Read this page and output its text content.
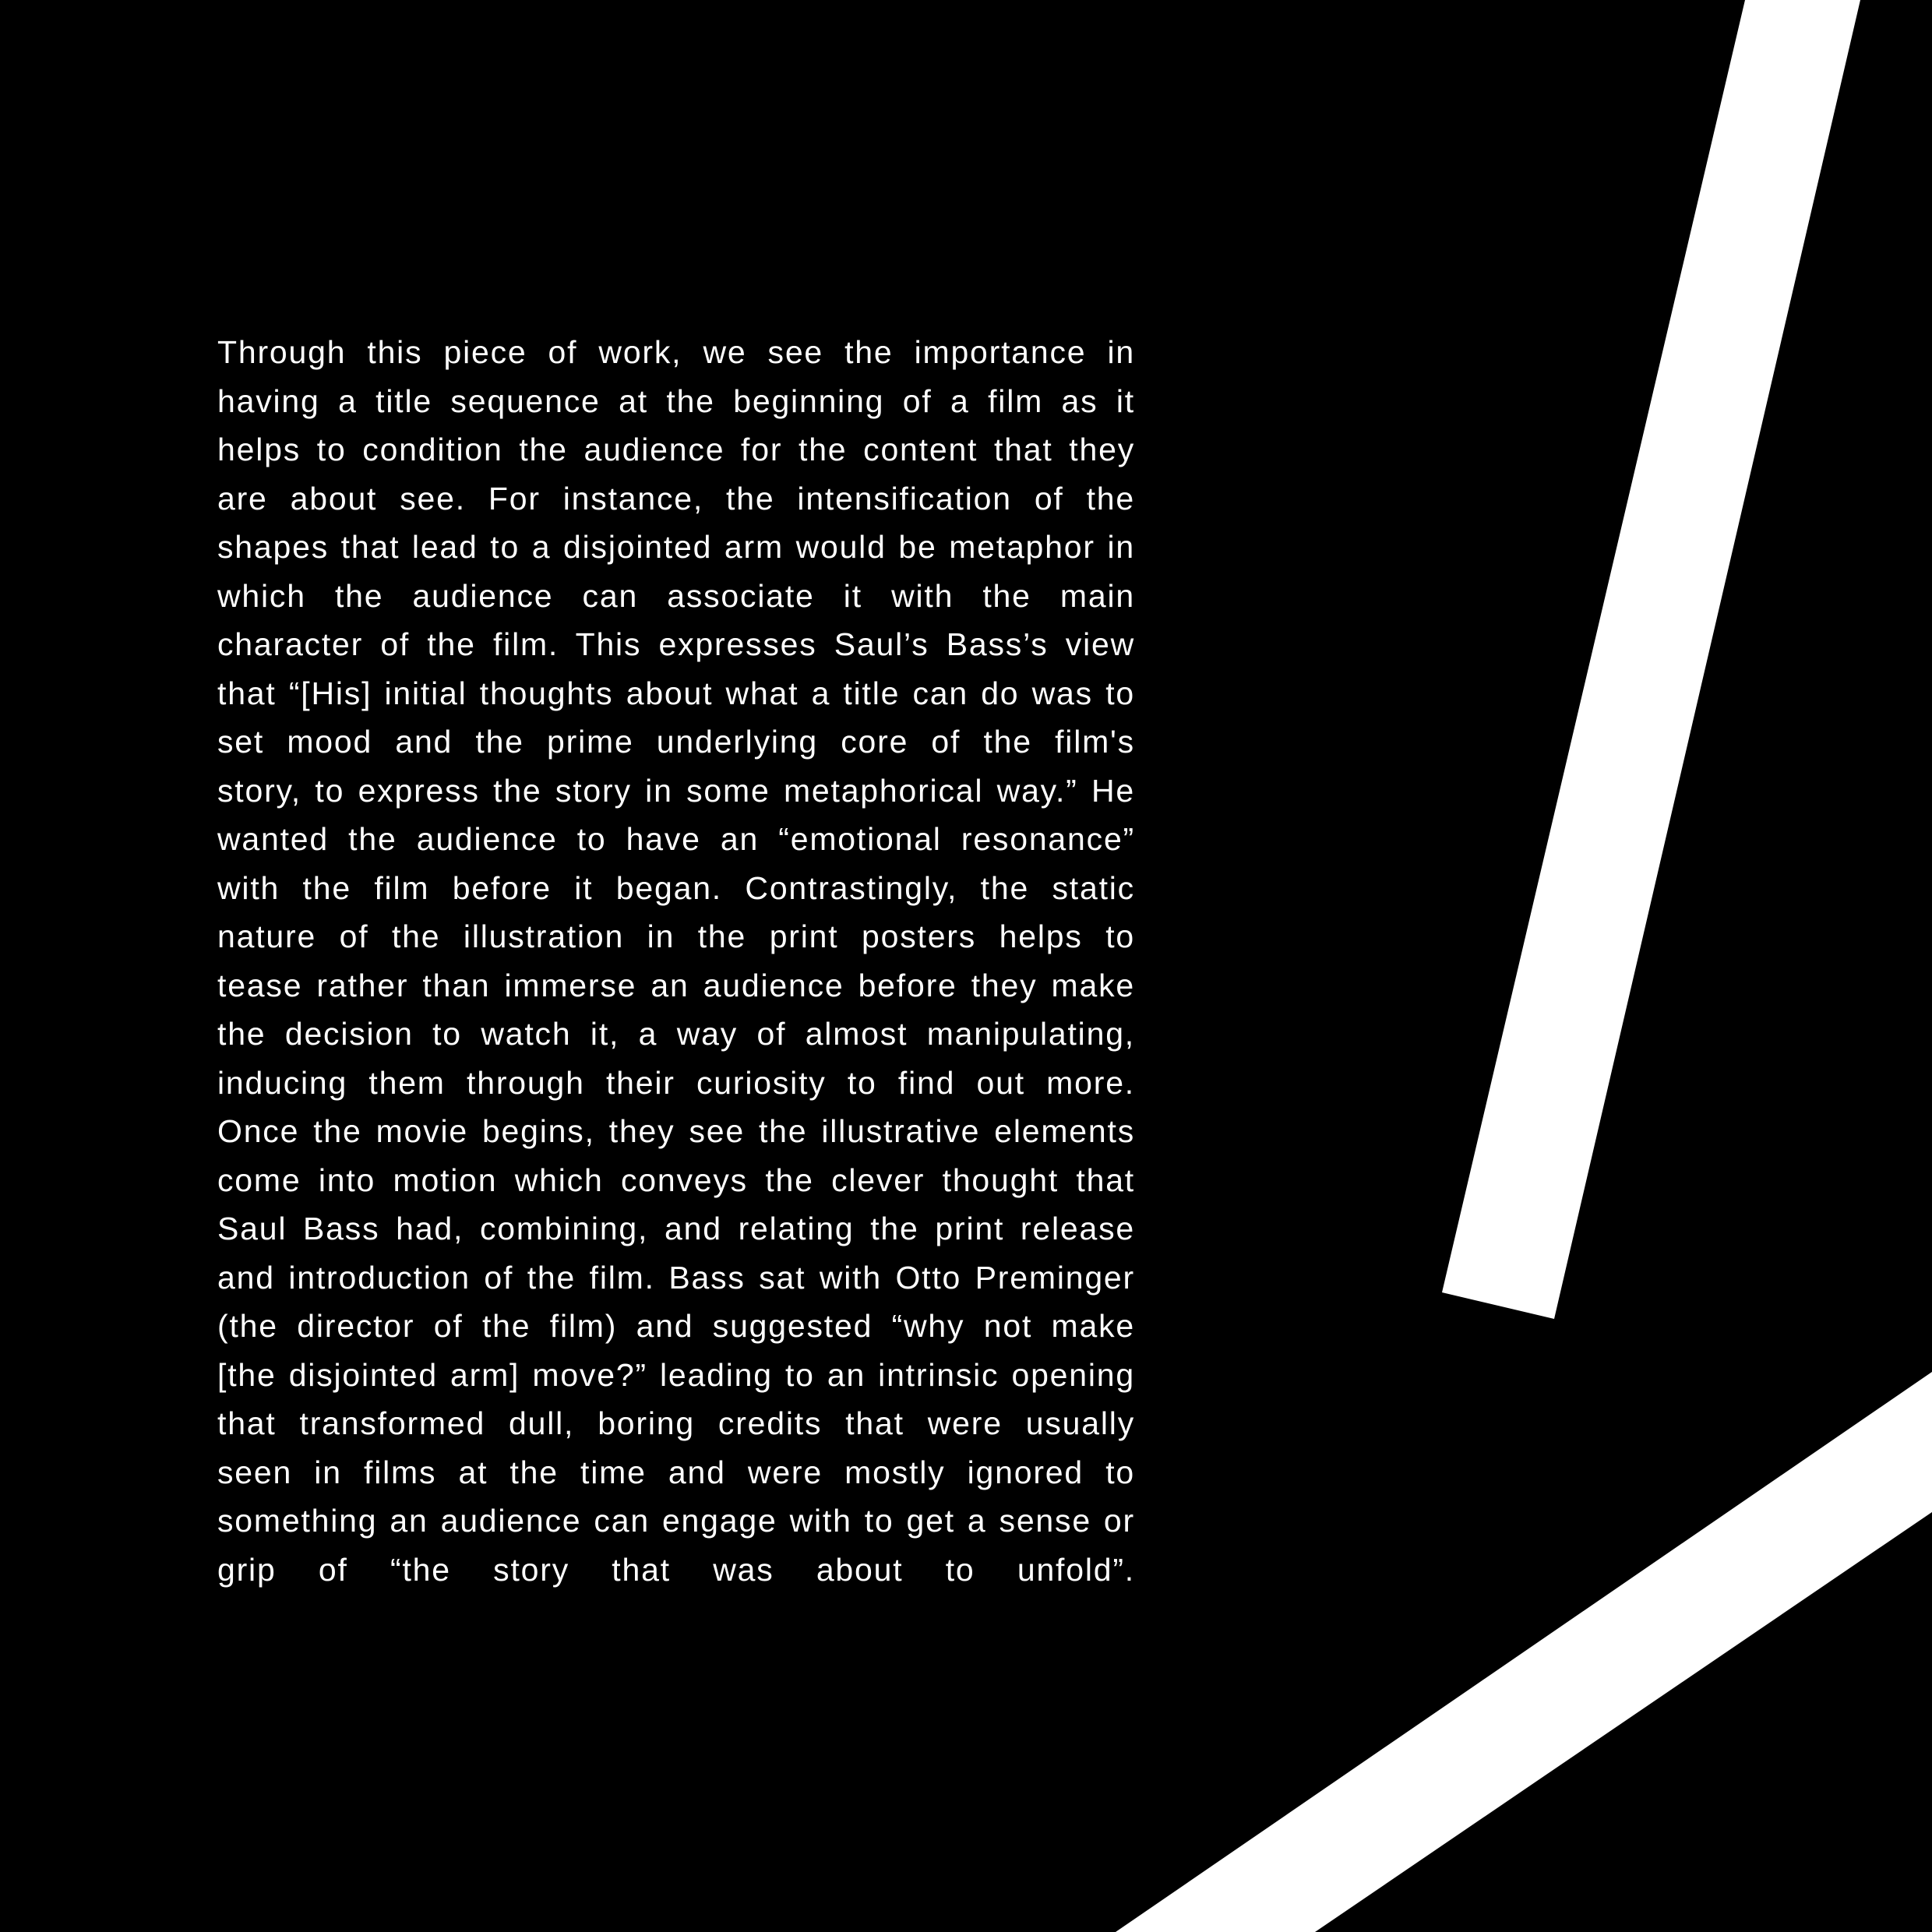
Through this piece of work, we see the importance in
having a title sequence at the beginning of a film as it
helps to condition the audience for the content that they
are about see. For instance, the intensification of the
shapes that lead to a disjointed arm would be metaphor in
which the audience can associate it with the main
character of the film. This expresses Saul’s Bass’s view
that “[His] initial thoughts about what a title can do was to
set mood and the prime underlying core of the film's
story, to express the story in some metaphorical way.” He
wanted the audience to have an “emotional resonance”
with the film before it began. Contrastingly, the static
nature of the illustration in the print posters helps to
tease rather than immerse an audience before they make
the decision to watch it, a way of almost manipulating,
inducing them through their curiosity to find out more.
Once the movie begins, they see the illustrative elements
come into motion which conveys the clever thought that
Saul Bass had, combining, and relating the print release
and introduction of the film. Bass sat with Otto Preminger
(the director of the film) and suggested “why not make
[the disjointed arm] move?” leading to an intrinsic opening
that transformed dull, boring credits that were usually
seen in films at the time and were mostly ignored to
something an audience can engage with to get a sense or
grip of “the story that was about to unfold”.
